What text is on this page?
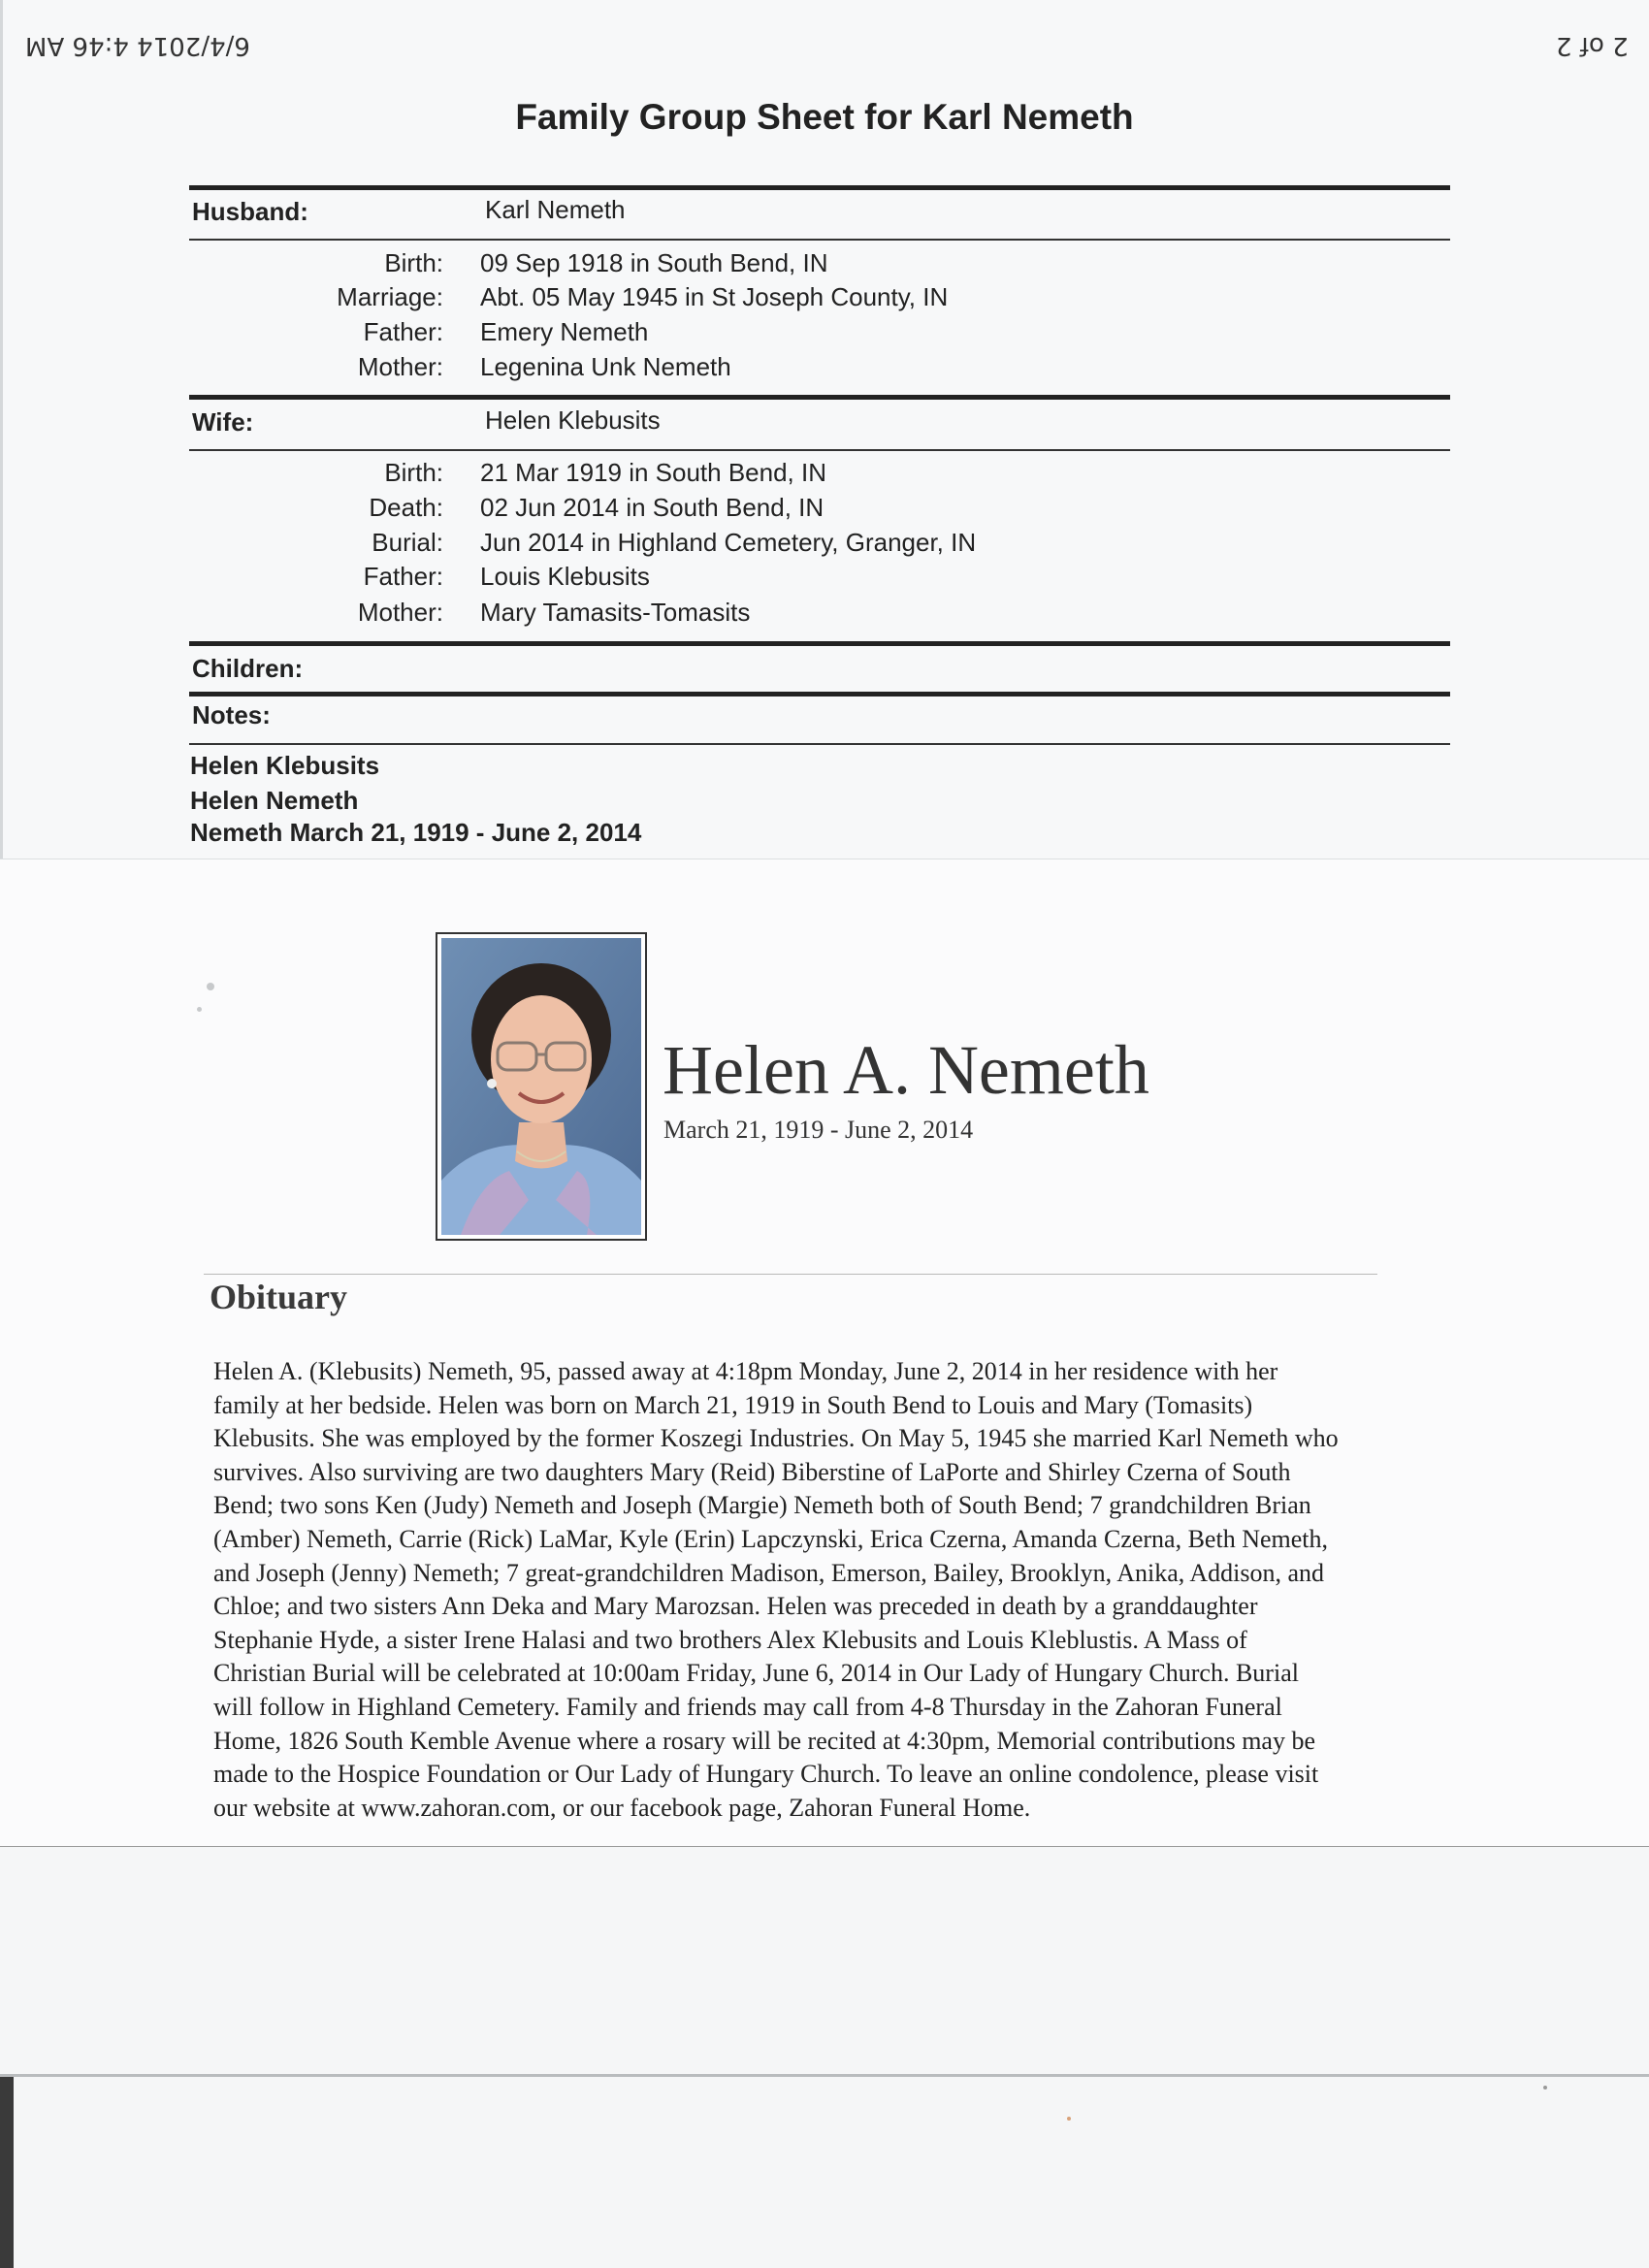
6/4/2014 4:46 AM	2 of 2
Family Group Sheet for Karl Nemeth
Husband:	Karl Nemeth
Birth: 09 Sep 1918 in South Bend, IN
Marriage: Abt. 05 May 1945 in St Joseph County, IN
Father: Emery Nemeth
Mother: Legenina Unk Nemeth
Wife:	Helen Klebusits
Birth: 21 Mar 1919 in South Bend, IN
Death: 02 Jun 2014 in South Bend, IN
Burial: Jun 2014 in Highland Cemetery, Granger, IN
Father: Louis Klebusits
Mother: Mary Tamasits-Tomasits
Children:
Notes:
Helen Klebusits
Helen Nemeth
Nemeth March 21, 1919 - June 2, 2014
Helen A. Nemeth
March 21, 1919 - June 2, 2014
Obituary
Helen A. (Klebusits) Nemeth, 95, passed away at 4:18pm Monday, June 2, 2014 in her residence with her
family at her bedside. Helen was born on March 21, 1919 in South Bend to Louis and Mary (Tomasits)
Klebusits. She was employed by the former Koszegi Industries. On May 5, 1945 she married Karl Nemeth who
survives. Also surviving are two daughters Mary (Reid) Biberstine of LaPorte and Shirley Czerna of South
Bend; two sons Ken (Judy) Nemeth and Joseph (Margie) Nemeth both of South Bend; 7 grandchildren Brian
(Amber) Nemeth, Carrie (Rick) LaMar, Kyle (Erin) Lapczynski, Erica Czerna, Amanda Czerna, Beth Nemeth,
and Joseph (Jenny) Nemeth; 7 great-grandchildren Madison, Emerson, Bailey, Brooklyn, Anika, Addison, and
Chloe; and two sisters Ann Deka and Mary Marozsan. Helen was preceded in death by a granddaughter
Stephanie Hyde, a sister Irene Halasi and two brothers Alex Klebusits and Louis Kleblustis. A Mass of
Christian Burial will be celebrated at 10:00am Friday, June 6, 2014 in Our Lady of Hungary Church. Burial
will follow in Highland Cemetery. Family and friends may call from 4-8 Thursday in the Zahoran Funeral
Home, 1826 South Kemble Avenue where a rosary will be recited at 4:30pm, Memorial contributions may be
made to the Hospice Foundation or Our Lady of Hungary Church. To leave an online condolence, please visit
our website at www.zahoran.com, or our facebook page, Zahoran Funeral Home.
